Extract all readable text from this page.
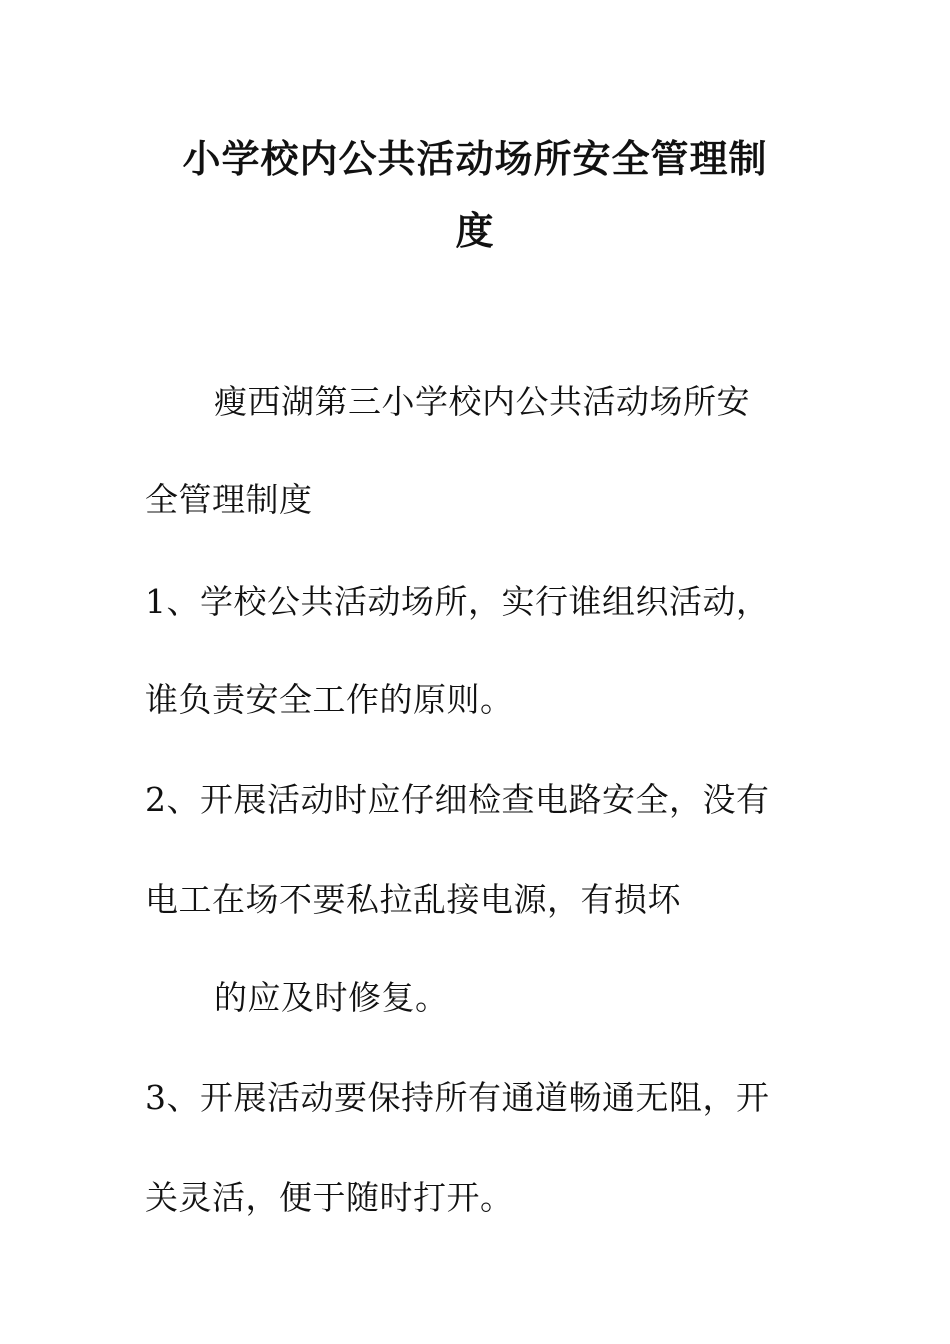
小学校内公共活动场所安全管理制
度
瘦西湖第三小学校内公共活动场所安
全管理制度
1、学校公共活动场所，实行谁组织活动，
谁负责安全工作的原则。
2、开展活动时应仔细检查电路安全，没有
电工在场不要私拉乱接电源，有损坏
的应及时修复。
3、开展活动要保持所有通道畅通无阻，开
关灵活，便于随时打开。
